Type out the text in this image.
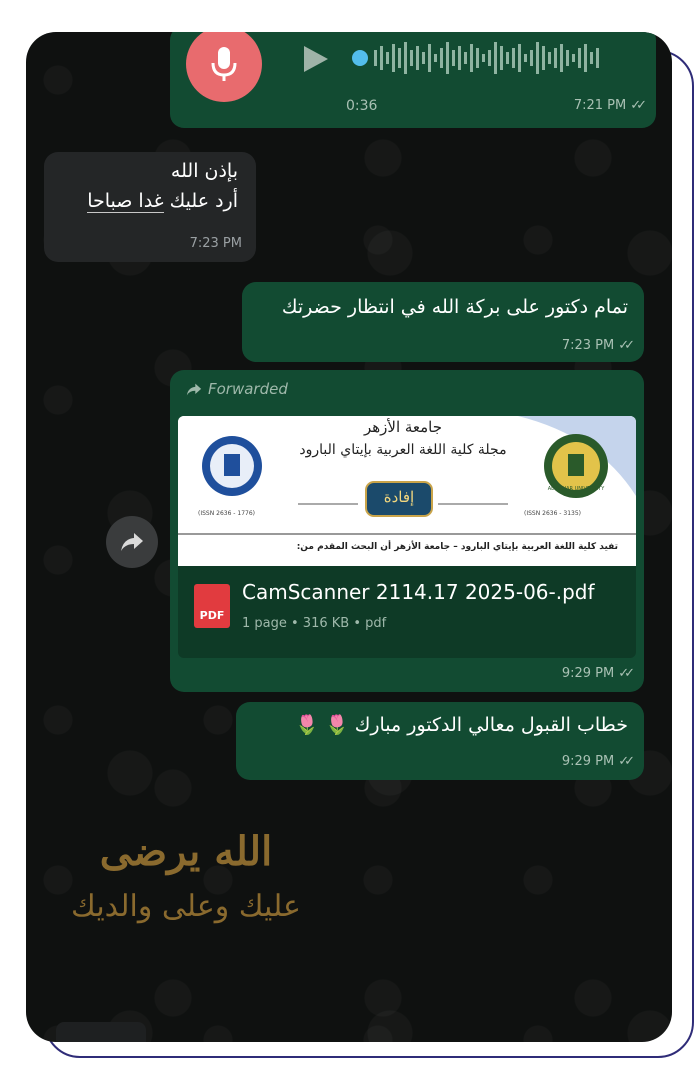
0:36	7:21 PM ✓✓
بإذن الله
أرد عليك غدا صباحا
7:23 PM
تمام دكتور على بركة الله في انتظار حضرتك
7:23 PM ✓✓
Forwarded
جامعة الأزهر
مجلة كلية اللغة العربية بإيتاي البارود
إفادة	AL-AZHAR UNIVERSITY
(ISSN 2636 - 1776)	(ISSN 2636 - 3135)
تفيد كلية اللغة العربية بإيتاي البارود – جامعة الأزهر أن البحث المقدم من:
PDF
CamScanner 2114.17 2025-06-.pdf
1 page • 316 KB • pdf
9:29 PM ✓✓
خطاب القبول معالي الدكتور مبارك 🌷 🌷
9:29 PM ✓✓
الله يرضى
عليك وعلى والديك
